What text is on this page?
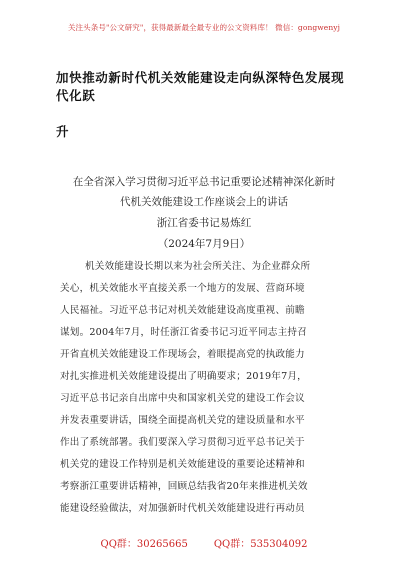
关注头条号"公文研究"，获得最新最全最专业的公文资料库！ 微信：gongwenyj
加快推动新时代机关效能建设走向纵深特色发展现代化跃
升
在全省深入学习贯彻习近平总书记重要论述精神深化新时
代机关效能建设工作座谈会上的讲话
浙江省委书记易炼红
（2024年7月9日）
机关效能建设长期以来为社会所关注、为企业群众所
关心，机关效能水平直接关系一个地方的发展、营商环境
人民福祉。习近平总书记对机关效能建设高度重视、前瞻
谋划。2004年7月，时任浙江省委书记习近平同志主持召
开省直机关效能建设工作现场会，着眼提高党的执政能力
对扎实推进机关效能建设提出了明确要求；2019年7月，
习近平总书记亲自出席中央和国家机关党的建设工作会议
并发表重要讲话，围绕全面提高机关党的建设质量和水平
作出了系统部署。我们要深入学习贯彻习近平总书记关于
机关党的建设工作特别是机关效能建设的重要论述精神和
考察浙江重要讲话精神，回顾总结我省20年来推进机关效
能建设经验做法，对加强新时代机关效能建设进行再动员
QQ群：30265665	QQ群：535304092
